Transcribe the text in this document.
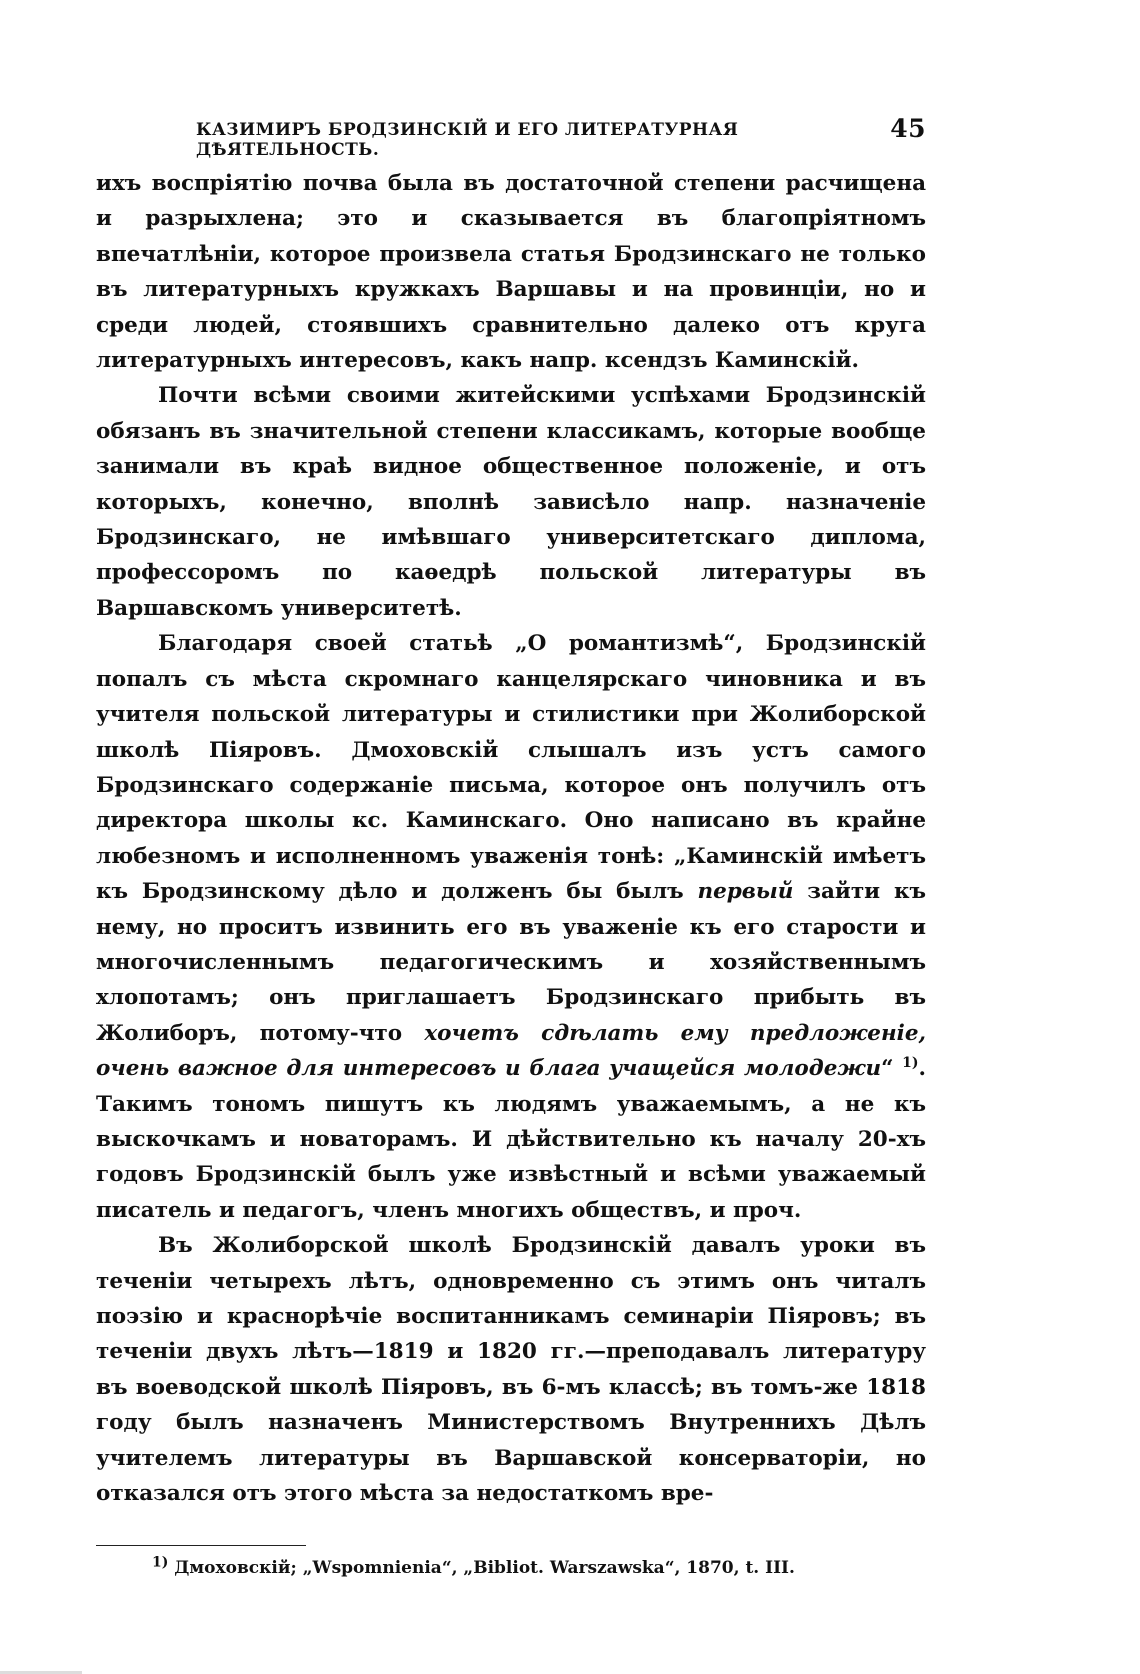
КАЗИМИРЪ БРОДЗИНСКІЙ И ЕГО ЛИТЕРАТУРНАЯ ДѢЯТЕЛЬНОСТЬ.
45

ихъ воспріятію почва была въ достаточной степени расчищена и разрыхлена; это и сказывается въ благопріятномъ впечатлѣніи, которое произвела статья Бродзинскаго не только въ литературныхъ кружкахъ Варшавы и на провинціи, но и среди людей, стоявшихъ сравнительно далеко отъ круга литературныхъ интересовъ, какъ напр. ксендзъ Каминскій.

Почти всѣми своими житейскими успѣхами Бродзинскій обязанъ въ значительной степени классикамъ, которые вообще занимали въ краѣ видное общественное положеніе, и отъ которыхъ, конечно, вполнѣ зависѣло напр. назначеніе Бродзинскаго, не имѣвшаго университетскаго диплома, профессоромъ по каѳедрѣ польской литературы въ Варшавскомъ университетѣ.

Благодаря своей статьѣ „О романтизмѣ“, Бродзинскій попалъ съ мѣста скромнаго канцелярскаго чиновника и въ учителя польской литературы и стилистики при Жолиборской школѣ Піяровъ. Дмоховскій слышалъ изъ устъ самого Бродзинскаго содержаніе письма, которое онъ получилъ отъ директора школы кс. Каминскаго. Оно написано въ крайне любезномъ и исполненномъ уваженія тонѣ: „Каминскій имѣетъ къ Бродзинскому дѣло и долженъ бы былъ первый зайти къ нему, но проситъ извинить его въ уваженіе къ его старости и многочисленнымъ педагогическимъ и хозяйственнымъ хлопотамъ; онъ приглашаетъ Бродзинскаго прибыть въ Жолиборъ, потому-что хочетъ сдѣлать ему предложеніе, очень важное для интересовъ и блага учащейся молодежи“ $^{1)}$. Такимъ тономъ пишутъ къ людямъ уважаемымъ, а не къ выскочкамъ и новаторамъ. И дѣйствительно къ началу 20-хъ годовъ Бродзинскій былъ уже извѣстный и всѣми уважаемый писатель и педагогъ, членъ многихъ обществъ, и проч.

Въ Жолиборской школѣ Бродзинскій давалъ уроки въ теченіи четырехъ лѣтъ, одновременно съ этимъ онъ читалъ поэзію и краснорѣчіе воспитанникамъ семинаріи Піяровъ; въ теченіи двухъ лѣтъ—1819 и 1820 гг.—преподавалъ литературу въ воеводской школѣ Піяровъ, въ 6-мъ классѣ; въ томъ-же 1818 году былъ назначенъ Министерствомъ Внутреннихъ Дѣлъ учителемъ литературы въ Варшавской консерваторіи, но отказался отъ этого мѣста за недостаткомъ вре-

$^{1)}$ Дмоховскій; „Wspomnienia“, „Bibliot. Warszawska“, 1870, t. III.
